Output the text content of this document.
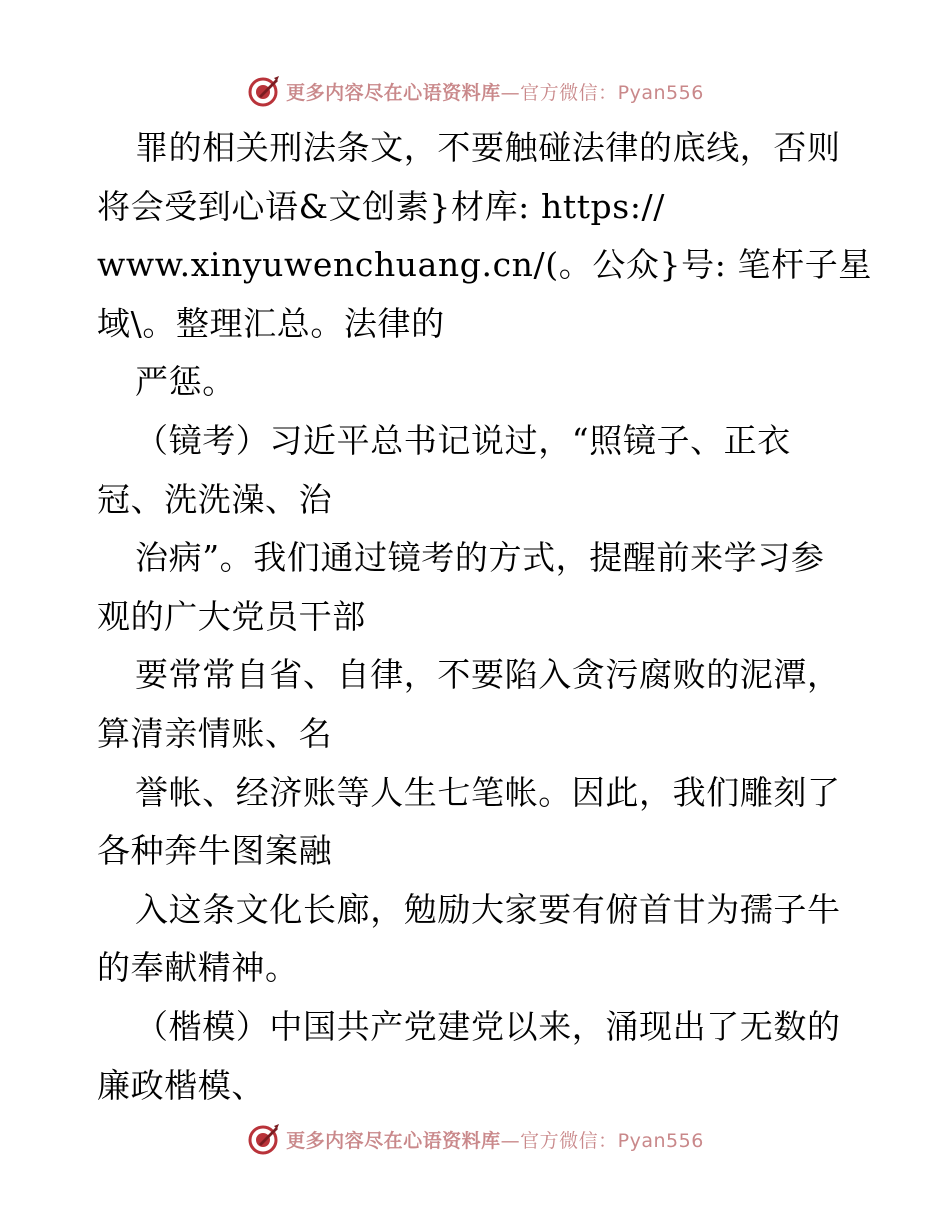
更多内容尽在心语资料库—官方微信：Pyan556
罪的相关刑法条文，不要触碰法律的底线，否则
将会受到心语&文创素}材库: https://
www.xinyuwenchuang.cn/(。公众}号: 笔杆子星
域\。整理汇总。法律的
严惩。
（镜考）习近平总书记说过，“照镜子、正衣
冠、洗洗澡、治
治病”。我们通过镜考的方式，提醒前来学习参
观的广大党员干部
要常常自省、自律，不要陷入贪污腐败的泥潭，
算清亲情账、名
誉帐、经济账等人生七笔帐。因此，我们雕刻了
各种奔牛图案融
入这条文化长廊，勉励大家要有俯首甘为孺子牛
的奉献精神。
（楷模）中国共产党建党以来，涌现出了无数的
廉政楷模、
更多内容尽在心语资料库—官方微信：Pyan556
